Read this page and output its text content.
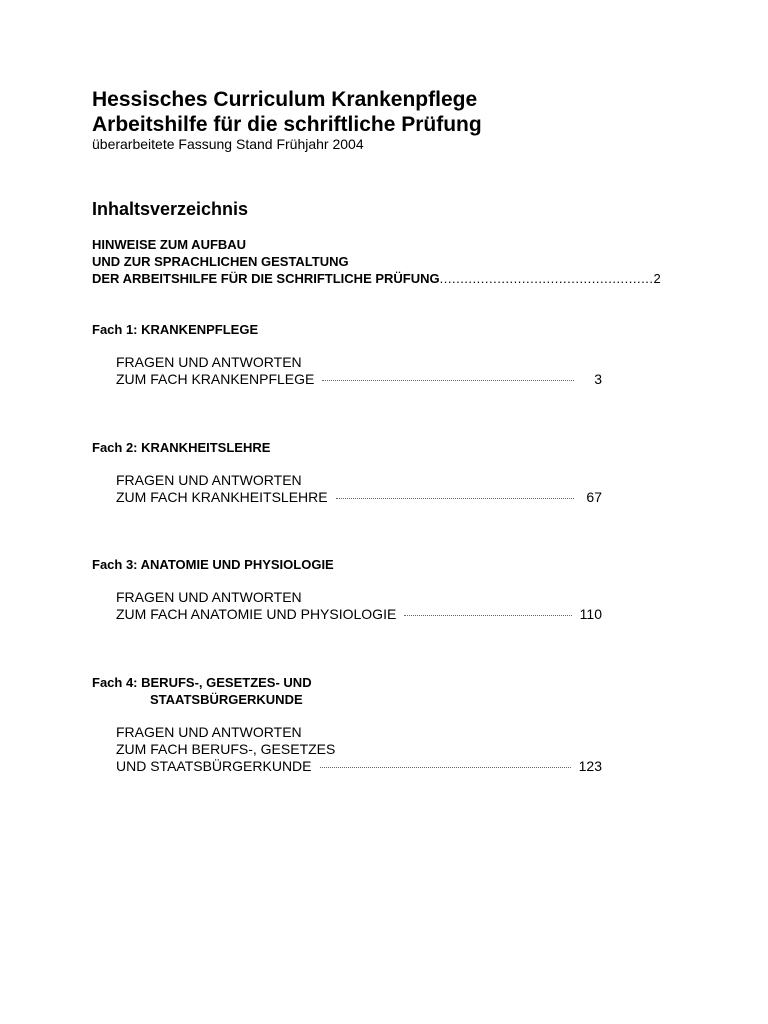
Hessisches Curriculum Krankenpflege
Arbeitshilfe für die schriftliche Prüfung
überarbeitete Fassung Stand Frühjahr 2004
Inhaltsverzeichnis
HINWEISE ZUM AUFBAU
UND ZUR SPRACHLICHEN GESTALTUNG
DER ARBEITSHILFE FÜR DIE SCHRIFTLICHE PRÜFUNG .................................................... 2
Fach 1: KRANKENPFLEGE
FRAGEN UND ANTWORTEN
ZUM FACH KRANKENPFLEGE	3
Fach 2: KRANKHEITSLEHRE
FRAGEN UND ANTWORTEN
ZUM FACH KRANKHEITSLEHRE	67
Fach 3: ANATOMIE UND PHYSIOLOGIE
FRAGEN UND ANTWORTEN
ZUM FACH ANATOMIE UND PHYSIOLOGIE	110
Fach 4: BERUFS-, GESETZES- UND
STAATSBÜRGERKUNDE
FRAGEN UND ANTWORTEN
ZUM FACH BERUFS-, GESETZES
UND STAATSBÜRGERKUNDE	123
